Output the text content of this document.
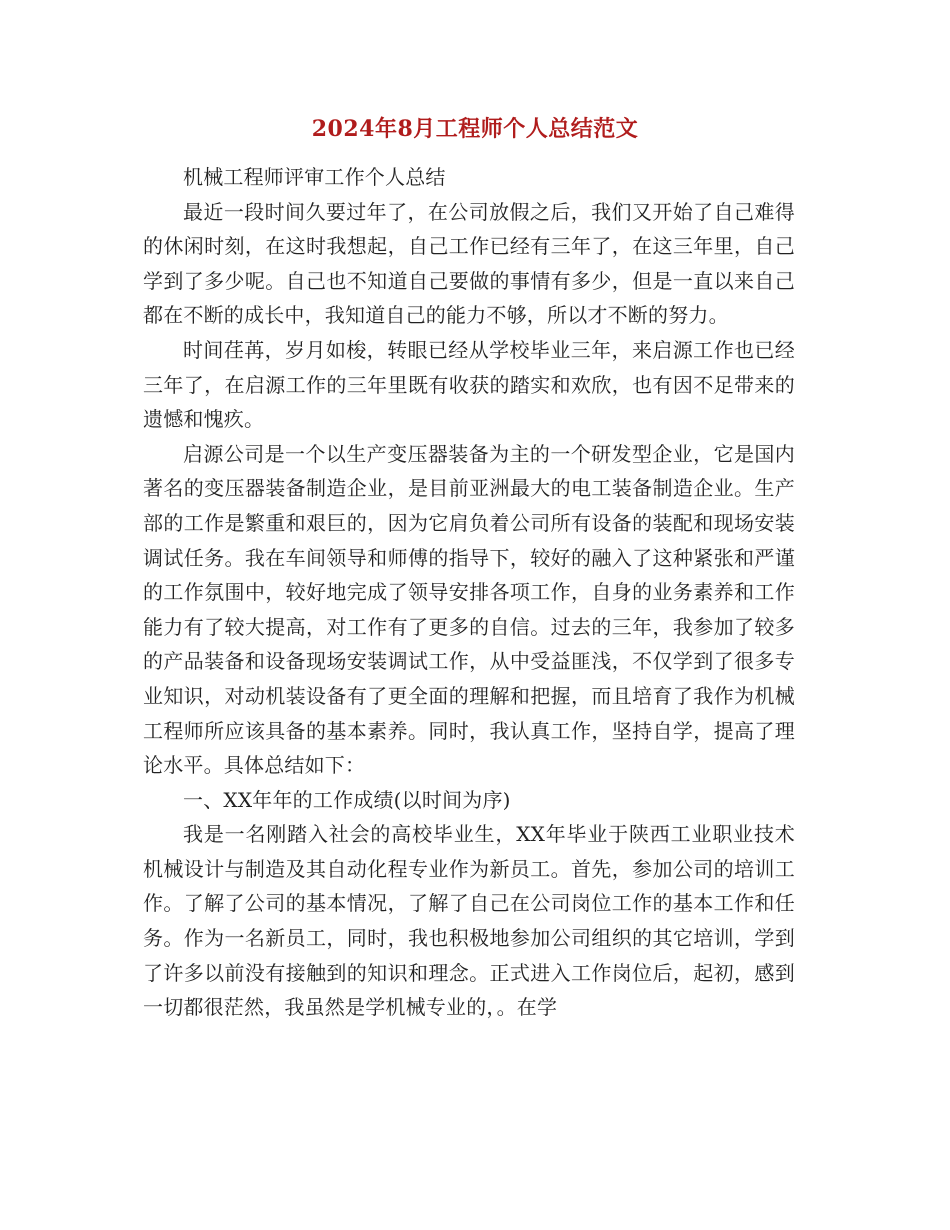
2024年8月工程师个人总结范文

机械工程师评审工作个人总结

最近一段时间久要过年了，在公司放假之后，我们又开始了自己难得的休闲时刻，在这时我想起，自己工作已经有三年了，在这三年里，自己学到了多少呢。自己也不知道自己要做的事情有多少，但是一直以来自己都在不断的成长中，我知道自己的能力不够，所以才不断的努力。

时间荏苒，岁月如梭，转眼已经从学校毕业三年，来启源工作也已经三年了，在启源工作的三年里既有收获的踏实和欢欣，也有因不足带来的遗憾和愧疚。

启源公司是一个以生产变压器装备为主的一个研发型企业，它是国内著名的变压器装备制造企业，是目前亚洲最大的电工装备制造企业。生产部的工作是繁重和艰巨的，因为它肩负着公司所有设备的装配和现场安装调试任务。我在车间领导和师傅的指导下，较好的融入了这种紧张和严谨的工作氛围中，较好地完成了领导安排各项工作，自身的业务素养和工作能力有了较大提高，对工作有了更多的自信。过去的三年，我参加了较多的产品装备和设备现场安装调试工作，从中受益匪浅，不仅学到了很多专业知识，对动机装设备有了更全面的理解和把握，而且培育了我作为机械工程师所应该具备的基本素养。同时，我认真工作，坚持自学，提高了理论水平。具体总结如下：

一、XX年年的工作成绩(以时间为序)

我是一名刚踏入社会的高校毕业生，XX年毕业于陕西工业职业技术机械设计与制造及其自动化程专业作为新员工。首先，参加公司的培训工作。了解了公司的基本情况，了解了自己在公司岗位工作的基本工作和任务。作为一名新员工，同时，我也积极地参加公司组织的其它培训，学到了许多以前没有接触到的知识和理念。正式进入工作岗位后，起初，感到一切都很茫然，我虽然是学机械专业的，。在学
